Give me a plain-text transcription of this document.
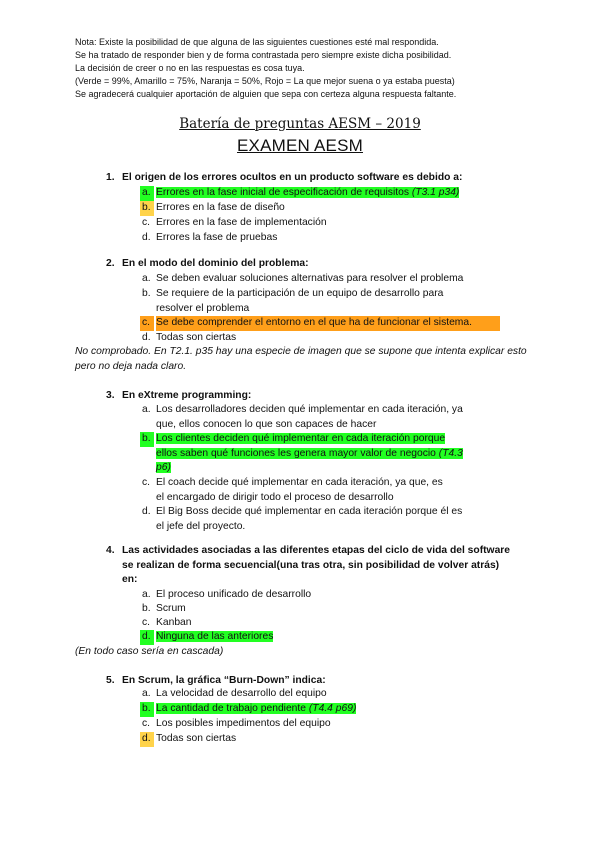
Nota: Existe la posibilidad de que alguna de las siguientes cuestiones esté mal respondida.
Se ha tratado de responder bien y de forma contrastada pero siempre existe dicha posibilidad.
La decisión de creer o no en las respuestas es cosa tuya.
(Verde = 99%, Amarillo = 75%, Naranja = 50%, Rojo = La que mejor suena o ya estaba puesta)
Se agradecerá cualquier aportación de alguien que sepa con certeza alguna respuesta faltante.
Batería de preguntas AESM – 2019
EXAMEN AESM
1. El origen de los errores ocultos en un producto software es debido a:
a. Errores en la fase inicial de especificación de requisitos (T3.1 p34)
b. Errores en la fase de diseño
c. Errores en la fase de implementación
d. Errores la fase de pruebas
2. En el modo del dominio del problema:
a. Se deben evaluar soluciones alternativas para resolver el problema
b. Se requiere de la participación de un equipo de desarrollo para resolver el problema
c. Se debe comprender el entorno en el que ha de funcionar el sistema.
d. Todas son ciertas
No comprobado. En T2.1. p35 hay una especie de imagen que se supone que intenta explicar esto pero no deja nada claro.
3. En eXtreme programming:
a. Los desarrolladores deciden qué implementar en cada iteración, ya
que, ellos conocen lo que son capaces de hacer
b. Los clientes deciden qué implementar en cada iteración porque
ellos saben qué funciones les genera mayor valor de negocio (T4.3
p6)
c. El coach decide qué implementar en cada iteración, ya que, es
el encargado de dirigir todo el proceso de desarrollo
d. El Big Boss decide qué implementar en cada iteración porque él es
el jefe del proyecto.
4. Las actividades asociadas a las diferentes etapas del ciclo de vida del software
se realizan de forma secuencial(una tras otra, sin posibilidad de volver atrás)
en:
a. El proceso unificado de desarrollo
b. Scrum
c. Kanban
d. Ninguna de las anteriores
(En todo caso sería en cascada)
5. En Scrum, la gráfica “Burn-Down” indica:
a. La velocidad de desarrollo del equipo
b. La cantidad de trabajo pendiente (T4.4 p69)
c. Los posibles impedimentos del equipo
d. Todas son ciertas
